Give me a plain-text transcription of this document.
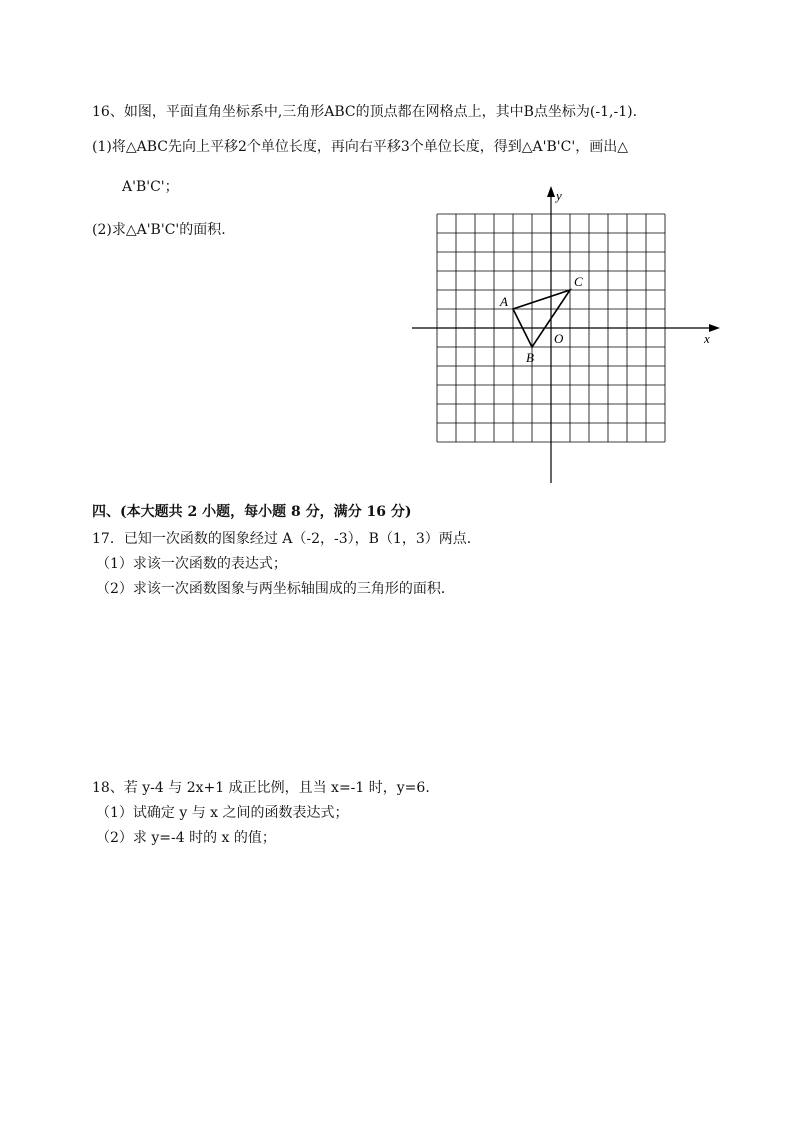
16、如图，平面直角坐标系中,三角形ABC的顶点都在网格点上，其中B点坐标为(-1,-1).
(1)将△ABC先向上平移2个单位长度，再向右平移3个单位长度，得到△A'B'C'，画出△
A'B'C'；
(2)求△A'B'C'的面积.
y
x
O
A
B
C
四、(本大题共 2 小题，每小题 8 分，满分 16 分)
17．已知一次函数的图象经过 A（-2，-3），B（1，3）两点．
（1）求该一次函数的表达式；
（2）求该一次函数图象与两坐标轴围成的三角形的面积．
18、若 y-4 与 2x+1 成正比例，且当 x=-1 时，y=6.
（1）试确定 y 与 x 之间的函数表达式；
（2）求 y=-4 时的 x 的值；
